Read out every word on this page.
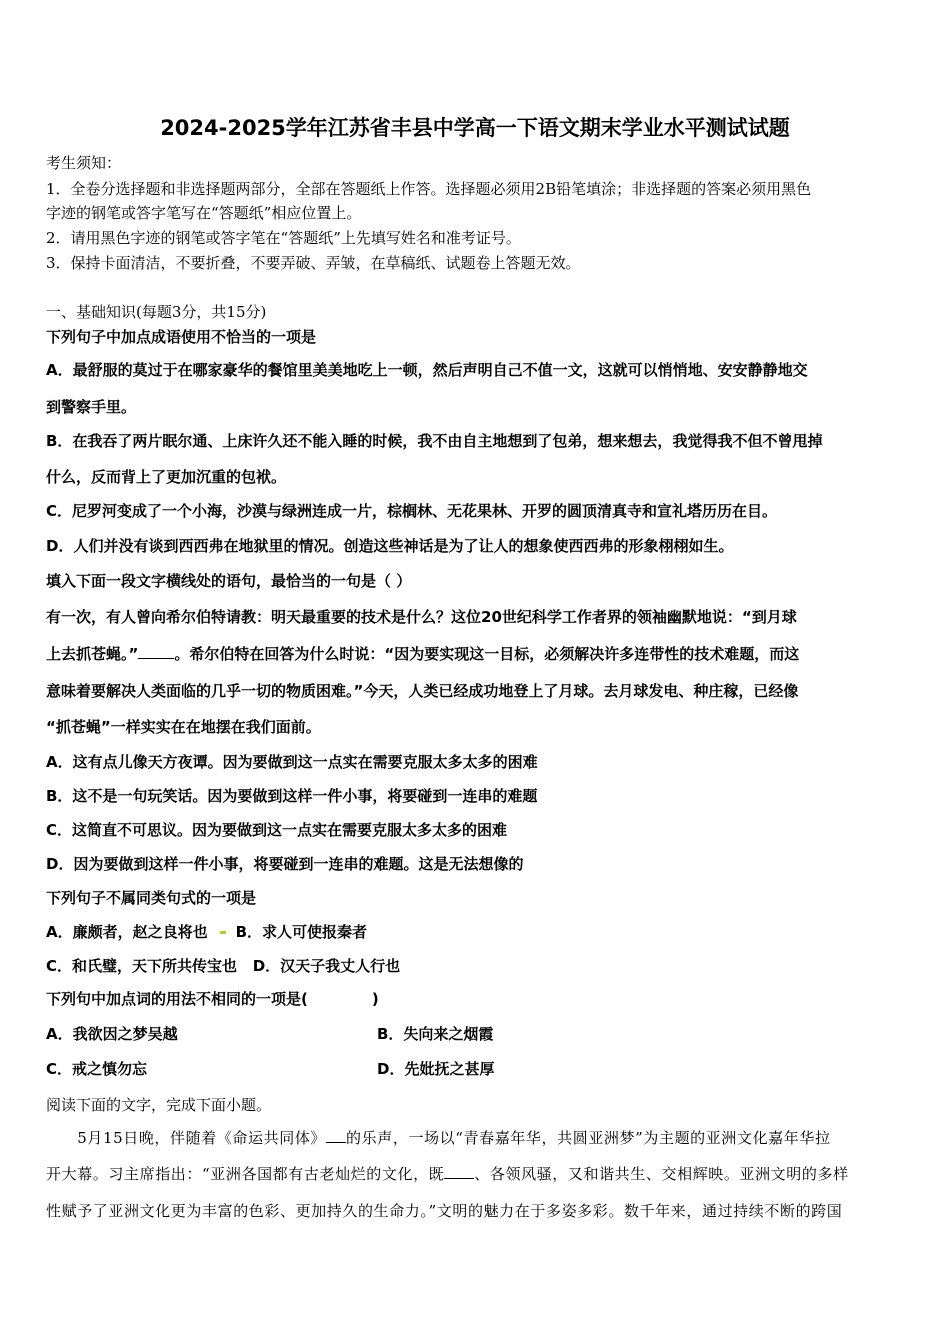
2024-2025学年江苏省丰县中学高一下语文期末学业水平测试试题
考生须知：
1．全卷分选择题和非选择题两部分，全部在答题纸上作答。选择题必须用2B铅笔填涂；非选择题的答案必须用黑色
字迹的钢笔或答字笔写在“答题纸”相应位置上。
2．请用黑色字迹的钢笔或答字笔在“答题纸”上先填写姓名和准考证号。
3．保持卡面清洁，不要折叠，不要弄破、弄皱，在草稿纸、试题卷上答题无效。
一、基础知识(每题3分，共15分)
下列句子中加点成语使用不恰当的一项是
A．最舒服的莫过于在哪家豪华的餐馆里美美地吃上一顿，然后声明自己不值一文，这就可以悄悄地、安安静静地交
到警察手里。
B．在我吞了两片眠尔通、上床许久还不能入睡的时候，我不由自主地想到了包弟，想来想去，我觉得我不但不曾甩掉
什么，反而背上了更加沉重的包袱。
C．尼罗河变成了一个小海，沙漠与绿洲连成一片，棕榈林、无花果林、开罗的圆顶清真寺和宣礼塔历历在目。
D．人们并没有谈到西西弗在地狱里的情况。创造这些神话是为了让人的想象使西西弗的形象栩栩如生。
填入下面一段文字横线处的语句，最恰当的一句是（ ）
有一次，有人曾向希尔伯特请教：明天最重要的技术是什么？这位20世纪科学工作者界的领袖幽默地说：“到月球
上去抓苍蝇。” 。希尔伯特在回答为什么时说：“因为要实现这一目标，必须解决许多连带性的技术难题，而这
意味着要解决人类面临的几乎一切的物质困难。”今天，人类已经成功地登上了月球。去月球发电、种庄稼，已经像
“抓苍蝇”一样实实在在地摆在我们面前。
A．这有点儿像天方夜谭。因为要做到这一点实在需要克服太多太多的困难
B．这不是一句玩笑话。因为要做到这样一件小事，将要碰到一连串的难题
C．这简直不可思议。因为要做到这一点实在需要克服太多太多的困难
D．因为要做到这样一件小事，将要碰到一连串的难题。这是无法想像的
下列句子不属同类句式的一项是
A．廉颇者，赵之良将也 B．求人可使报秦者
C．和氏璧，天下所共传宝也 D．汉天子我丈人行也
下列句中加点词的用法不相同的一项是(	)
A．我欲因之梦吴越	B．失向来之烟霞
C．戒之慎勿忘	D．先妣抚之甚厚
阅读下面的文字，完成下面小题。
　　5月15日晚，伴随着《命运共同体》 的乐声，一场以“青春嘉年华，共圆亚洲梦”为主题的亚洲文化嘉年华拉
开大幕。习主席指出：“亚洲各国都有古老灿烂的文化，既 、各领风骚，又和谐共生、交相辉映。亚洲文明的多样
性赋予了亚洲文化更为丰富的色彩、更加持久的生命力。”文明的魅力在于多姿多彩。数千年来，通过持续不断的跨国
